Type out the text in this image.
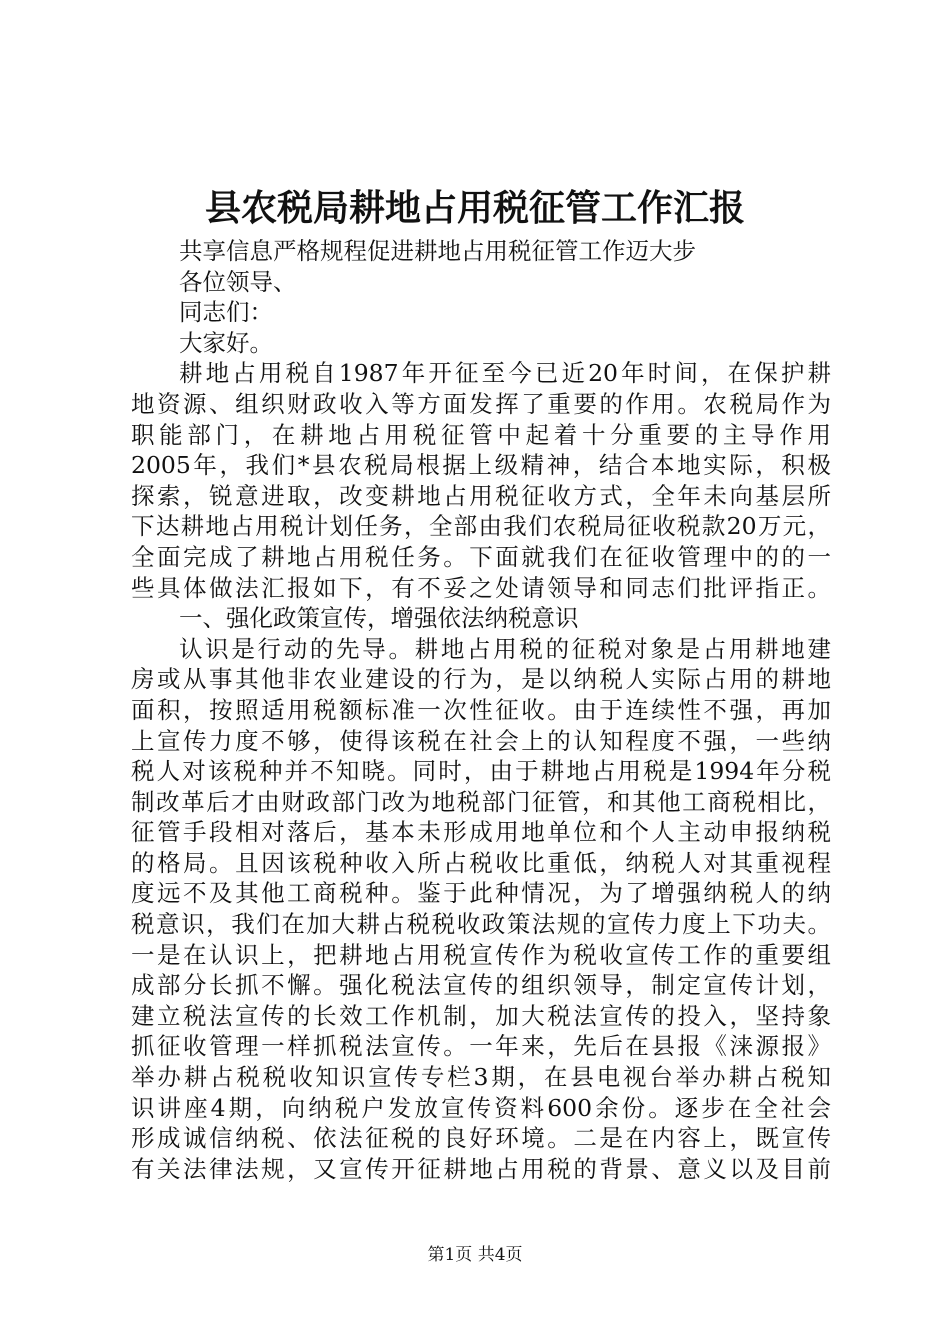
县农税局耕地占用税征管工作汇报
共享信息严格规程促进耕地占用税征管工作迈大步
各位领导、
同志们：
大家好。
耕地占用税自1987年开征至今已近20年时间，在保护耕
地资源、组织财政收入等方面发挥了重要的作用。农税局作为
职能部门，在耕地占用税征管中起着十分重要的主导作用
2005年，我们*县农税局根据上级精神，结合本地实际，积极
探索，锐意进取，改变耕地占用税征收方式，全年未向基层所
下达耕地占用税计划任务，全部由我们农税局征收税款20万元，
全面完成了耕地占用税任务。下面就我们在征收管理中的的一
些具体做法汇报如下，有不妥之处请领导和同志们批评指正。
一、强化政策宣传，增强依法纳税意识
认识是行动的先导。耕地占用税的征税对象是占用耕地建
房或从事其他非农业建设的行为，是以纳税人实际占用的耕地
面积，按照适用税额标准一次性征收。由于连续性不强，再加
上宣传力度不够，使得该税在社会上的认知程度不强，一些纳
税人对该税种并不知晓。同时，由于耕地占用税是1994年分税
制改革后才由财政部门改为地税部门征管，和其他工商税相比，
征管手段相对落后，基本未形成用地单位和个人主动申报纳税
的格局。且因该税种收入所占税收比重低，纳税人对其重视程
度远不及其他工商税种。鉴于此种情况，为了增强纳税人的纳
税意识，我们在加大耕占税税收政策法规的宣传力度上下功夫。
一是在认识上，把耕地占用税宣传作为税收宣传工作的重要组
成部分长抓不懈。强化税法宣传的组织领导，制定宣传计划，
建立税法宣传的长效工作机制，加大税法宣传的投入，坚持象
抓征收管理一样抓税法宣传。一年来，先后在县报《涞源报》
举办耕占税税收知识宣传专栏3期，在县电视台举办耕占税知
识讲座4期，向纳税户发放宣传资料600余份。逐步在全社会
形成诚信纳税、依法征税的良好环境。二是在内容上，既宣传
有关法律法规，又宣传开征耕地占用税的背景、意义以及目前
第1页 共4页
